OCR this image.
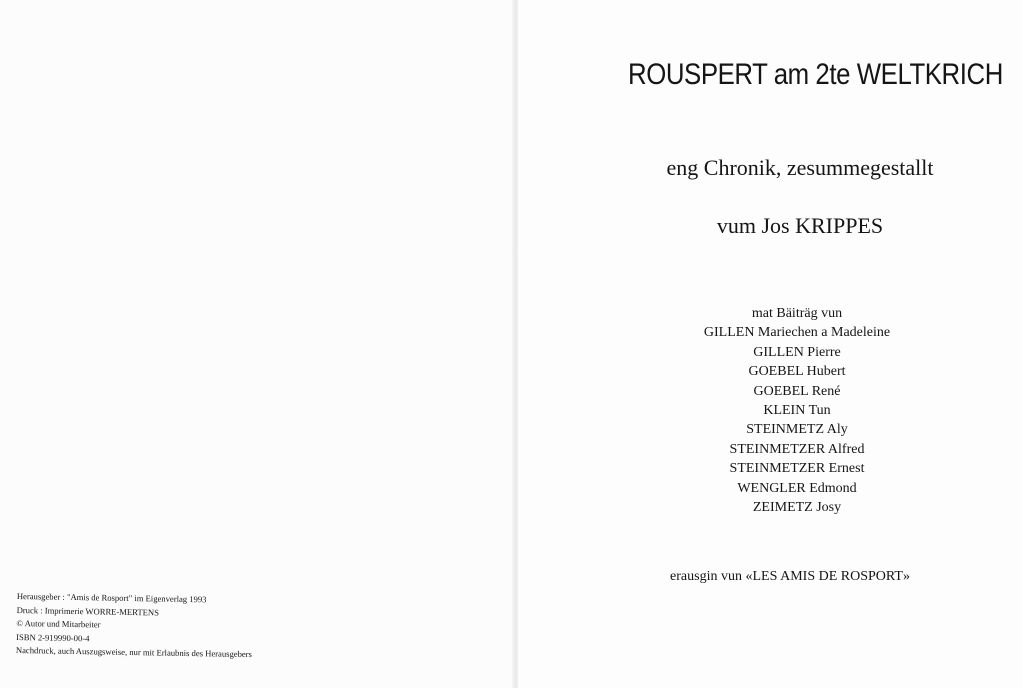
ROUSPERT am 2te WELTKRICH
eng Chronik, zesummegestallt
vum Jos KRIPPES
mat Bäiträg vun
GILLEN Mariechen a Madeleine
GILLEN Pierre
GOEBEL Hubert
GOEBEL René
KLEIN Tun
STEINMETZ Aly
STEINMETZER Alfred
STEINMETZER Ernest
WENGLER Edmond
ZEIMETZ Josy
erausgin vun «LES AMIS DE ROSPORT»
Herausgeber : "Amis de Rosport" im Eigenverlag 1993
Druck : Imprimerie WORRE-MERTENS
© Autor und Mitarbeiter
ISBN 2-919990-00-4
Nachdruck, auch Auszugsweise, nur mit Erlaubnis des Herausgebers
